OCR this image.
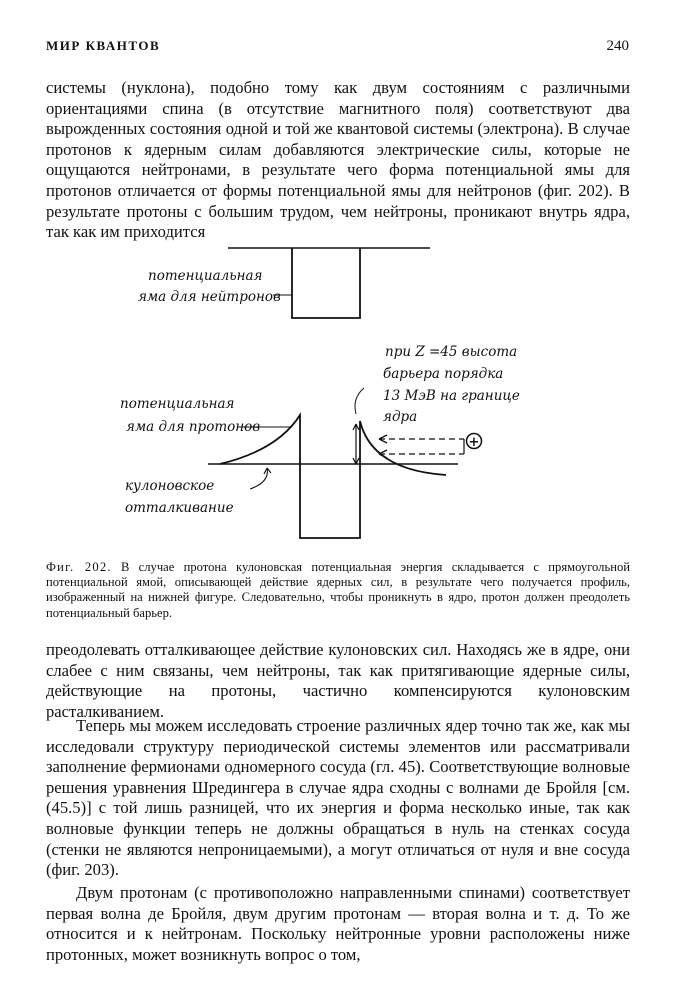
МИР КВАНТОВ	240

системы (нуклона), подобно тому как двум состояниям с различными ориентациями спина (в отсутствие магнитного поля) соответствуют два вырожденных состояния одной и той же квантовой системы (электрона). В случае протонов к ядерным силам добавляются электрические силы, которые не ощущаются нейтронами, в результате чего форма потенциальной ямы для протонов отличается от формы потенциальной ямы для нейтронов (фиг. 202). В результате протоны с большим трудом, чем нейтроны, проникают внутрь ядра, так как им приходится

потенциальная
яма для нейтронов
при Z =45 высота
барьера порядка
13 МэВ на границе
ядра
+
потенциальная
яма для протонов
кулоновское
отталкивание

Фиг. 202. В случае протона кулоновская потенциальная энергия складывается с прямоугольной потенциальной ямой, описывающей действие ядерных сил, в результате чего получается профиль, изображенный на нижней фигуре. Следовательно, чтобы проникнуть в ядро, протон должен преодолеть потенциальный барьер.

преодолевать отталкивающее действие кулоновских сил. Находясь же в ядре, они слабее с ним связаны, чем нейтроны, так как притягивающие ядерные силы, действующие на протоны, частично компенсируются кулоновским расталкиванием.

Теперь мы можем исследовать строение различных ядер точно так же, как мы исследовали структуру периодической системы элементов или рассматривали заполнение фермионами одномерного сосуда (гл. 45). Соответствующие волновые решения уравнения Шредингера в случае ядра сходны с волнами де Бройля [см. (45.5)] с той лишь разницей, что их энергия и форма несколько иные, так как волновые функции теперь не должны обращаться в нуль на стенках сосуда (стенки не являются непроницаемыми), а могут отличаться от нуля и вне сосуда (фиг. 203).

Двум протонам (с противоположно направленными спинами) соответствует первая волна де Бройля, двум другим протонам — вторая волна и т. д. То же относится и к нейтронам. Поскольку нейтронные уровни расположены ниже протонных, может возникнуть вопрос о том,
